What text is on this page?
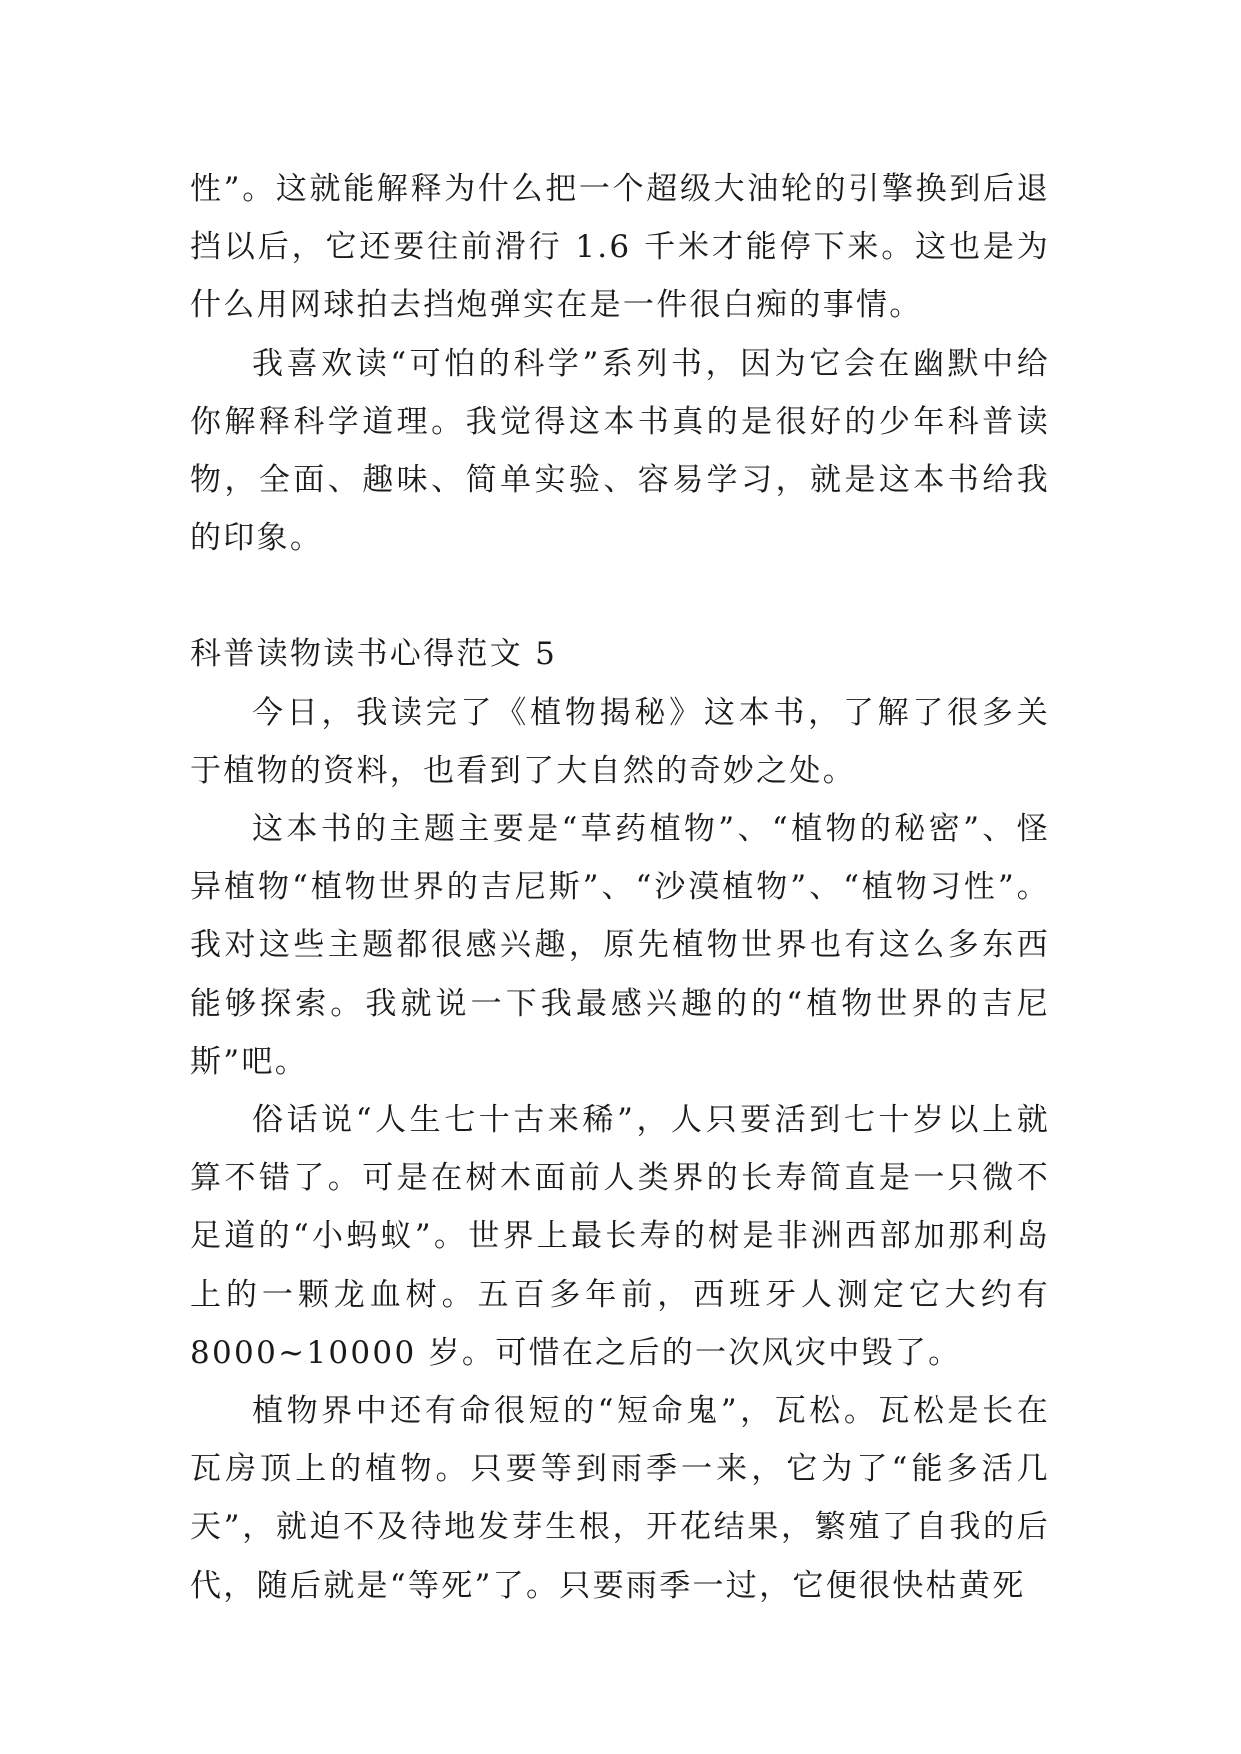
性”。这就能解释为什么把一个超级大油轮的引擎换到后退挡以后，它还要往前滑行 1.6 千米才能停下来。这也是为什么用网球拍去挡炮弹实在是一件很白痴的事情。

我喜欢读“可怕的科学”系列书，因为它会在幽默中给你解释科学道理。我觉得这本书真的是很好的少年科普读物，全面、趣味、简单实验、容易学习，就是这本书给我的印象。

科普读物读书心得范文 5

今日，我读完了《植物揭秘》这本书，了解了很多关于植物的资料，也看到了大自然的奇妙之处。

这本书的主题主要是“草药植物”、“植物的秘密”、怪异植物“植物世界的吉尼斯”、“沙漠植物”、“植物习性”。我对这些主题都很感兴趣，原先植物世界也有这么多东西能够探索。我就说一下我最感兴趣的的“植物世界的吉尼斯”吧。

俗话说“人生七十古来稀”，人只要活到七十岁以上就算不错了。可是在树木面前人类界的长寿简直是一只微不足道的“小蚂蚁”。世界上最长寿的树是非洲西部加那利岛上的一颗龙血树。五百多年前，西班牙人测定它大约有 8000~10000 岁。可惜在之后的一次风灾中毁了。

植物界中还有命很短的“短命鬼”，瓦松。瓦松是长在瓦房顶上的植物。只要等到雨季一来，它为了“能多活几天”，就迫不及待地发芽生根，开花结果，繁殖了自我的后代，随后就是“等死”了。只要雨季一过，它便很快枯黄死
